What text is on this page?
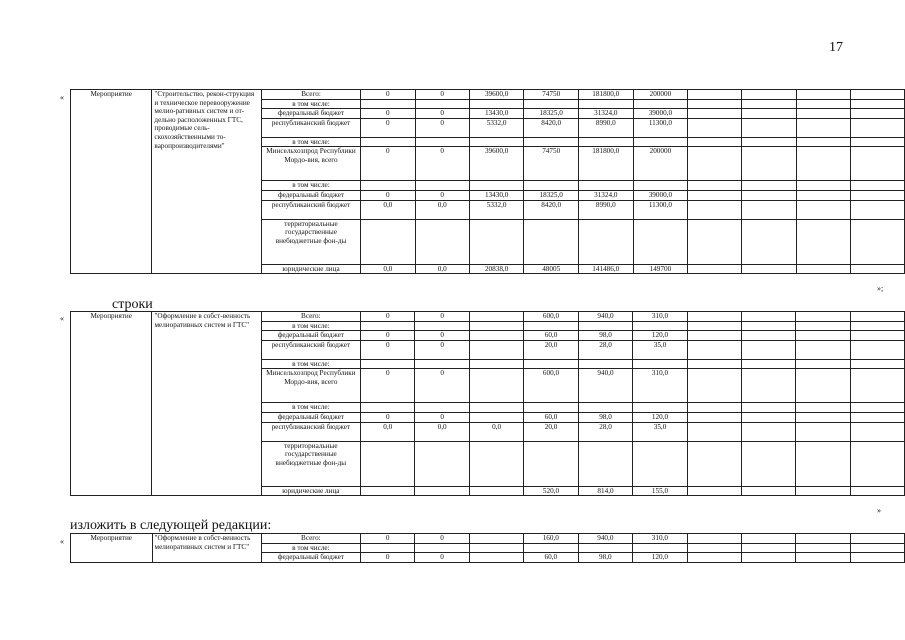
17
«	Мероприятие	"Строительство, рекон-струкция и техническое перевооружение мелио-ративных систем и от-дельно расположенных ГТС, проводимые сель-скохозяйственными то-варопроизводителями"	Всего:	0	0	39600,0	74750	181800,0	200000				
		в том числе:										
		федеральный бюджет	0	0	13430,0	18325,0	31324,0	39000,0				
		республиканский бюджет	0	0	5332,0	8420,0	8990,0	11300,0				
		в том числе:										
		Минсельхозпрод Республики Мордо-вия, всего	0	0	39600,0	74750	181800,0	200000				
		в том числе:										
		федеральный бюджет	0	0	13430,0	18325,0	31324,0	39000,0				
		республиканский бюджет	0,0	0,0	5332,0	8420,0	8990,0	11300,0				
		территориальные государственные внебюджетные фон-ды										
		юридические лица	0,0	0,0	20838,0	48005	141486,0	149700				
»;
строки
«	Мероприятие	"Оформление в собст-венность мелиоративных систем и ГТС"	Всего:	0	0		600,0	940,0	310,0				
		в том числе:										
		федеральный бюджет	0	0		60,0	98,0	120,0				
		республиканский бюджет	0	0		20,0	28,0	35,0				
		в том числе:										
		Минсельхозпрод Республики Мордо-вия, всего	0	0		600,0	940,0	310,0				
		в том числе:										
		федеральный бюджет	0	0		60,0	98,0	120,0				
		республиканский бюджет	0,0	0,0	0,0	20,0	28,0	35,0				
		территориальные государственные внебюджетные фон-ды										
		юридические лица				520,0	814,0	155,0				
»
изложить в следующей редакции:
«	Мероприятие	"Оформление в собст-венность мелиоративных систем и ГТС"	Всего:	0	0		160,0	940,0	310,0				
		в том числе:										
		федеральный бюджет	0	0		60,0	98,0	120,0				
